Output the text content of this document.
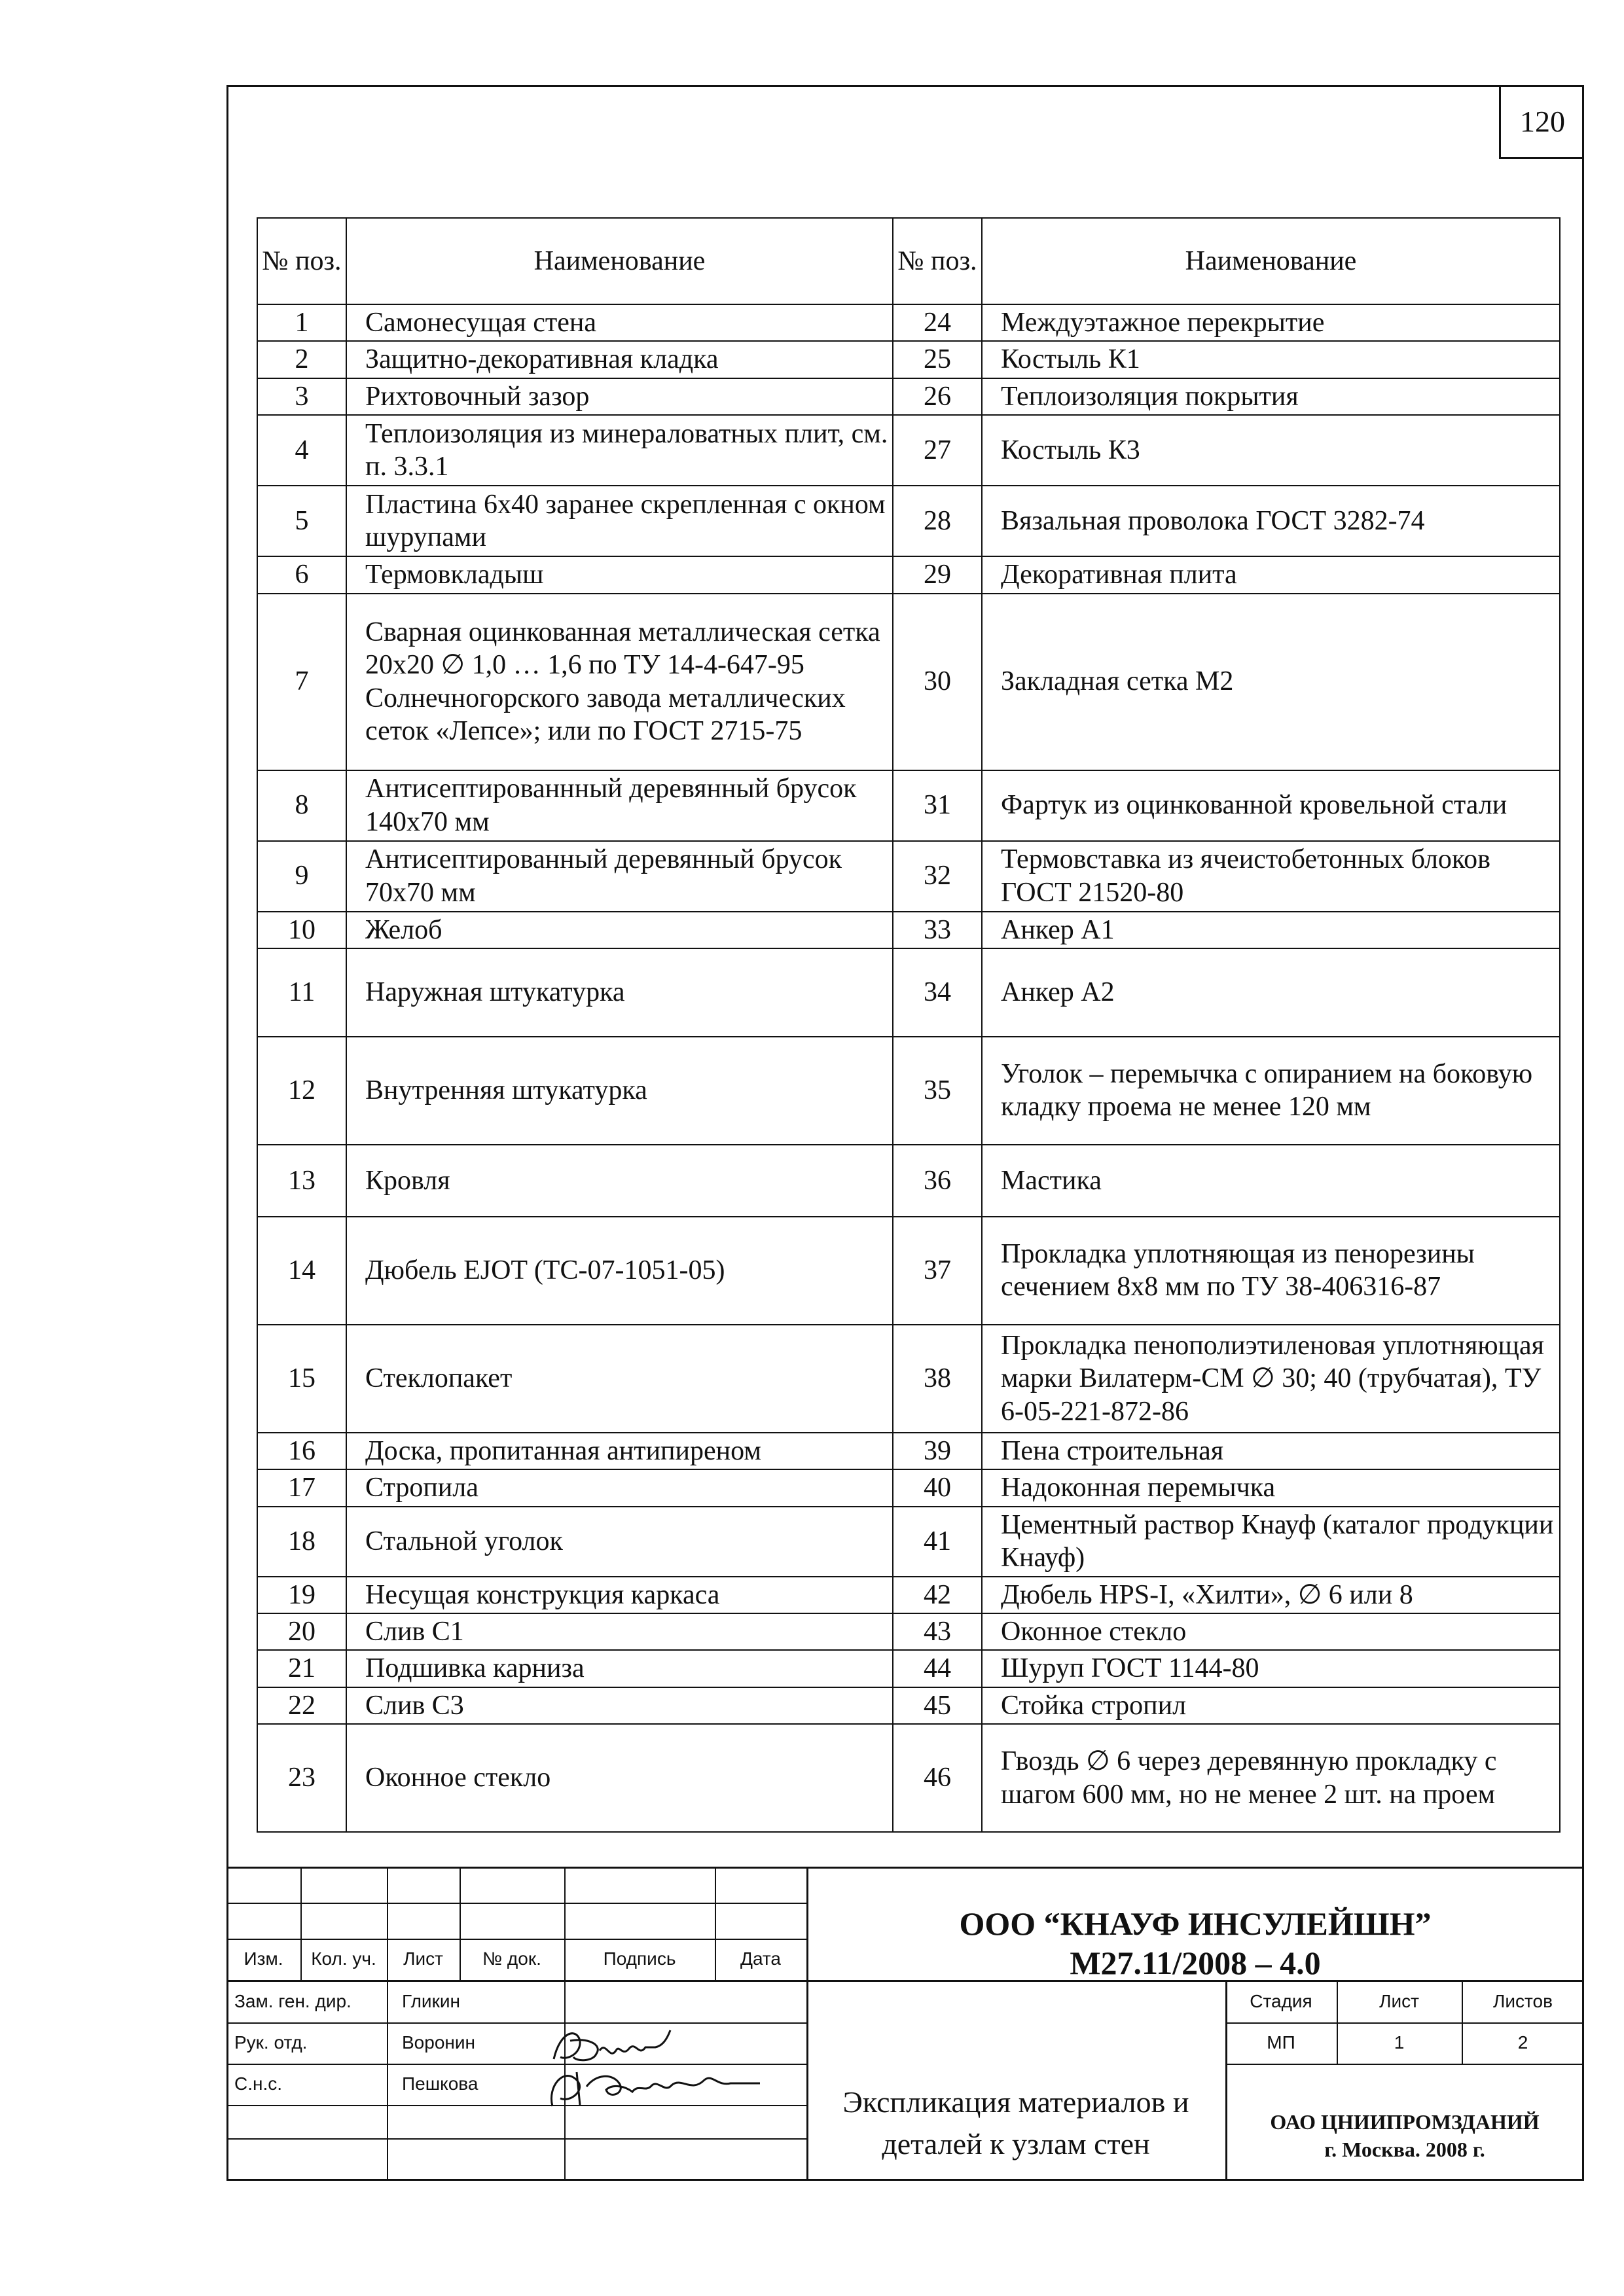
120
№ поз.	Наименование	№ поз.	Наименование
1	Самонесущая стена	24	Междуэтажное перекрытие
2	Защитно-декоративная кладка	25	Костыль К1
3	Рихтовочный зазор	26	Теплоизоляция покрытия
4	Теплоизоляция из минераловатных плит, см. п. 3.3.1	27	Костыль К3
5	Пластина 6х40 заранее скрепленная с окном шурупами	28	Вязальная проволока ГОСТ 3282-74
6	Термовкладыш	29	Декоративная плита
7	Сварная оцинкованная металлическая сетка 20х20 ∅ 1,0 … 1,6 по ТУ 14-4-647-95 Солнечногорского завода металлических сеток «Лепсе»; или по ГОСТ 2715-75	30	Закладная сетка М2
8	Антисептированнный деревянный брусок 140х70 мм	31	Фартук из оцинкованной кровельной стали
9	Антисептированный деревянный брусок 70х70 мм	32	Термовставка из ячеистобетонных блоков ГОСТ 21520-80
10	Желоб	33	Анкер А1
11	Наружная штукатурка	34	Анкер А2
12	Внутренняя штукатурка	35	Уголок – перемычка с опиранием на боковую кладку проема не менее 120 мм
13	Кровля	36	Мастика
14	Дюбель EJOT (TC-07-1051-05)	37	Прокладка уплотняющая из пенорезины сечением 8х8 мм по ТУ 38-406316-87
15	Стеклопакет	38	Прокладка пенополиэтиленовая уплотняющая марки Вилатерм-СМ ∅ 30; 40 (трубчатая), ТУ 6-05-221-872-86
16	Доска, пропитанная антипиреном	39	Пена строительная
17	Стропила	40	Надоконная перемычка
18	Стальной уголок	41	Цементный раствор Кнауф (каталог продукции Кнауф)
19	Несущая конструкция каркаса	42	Дюбель HPS-I, «Хилти», ∅ 6 или 8
20	Слив С1	43	Оконное стекло
21	Подшивка карниза	44	Шуруп ГОСТ 1144-80
22	Слив С3	45	Стойка стропил
23	Оконное стекло	46	Гвоздь ∅ 6 через деревянную прокладку с шагом 600 мм, но не менее 2 шт. на проем
Изм.	Кол. уч.	Лист	№ док.	Подпись	Дата
Зам. ген. дир.	Гликин
Рук. отд.	Воронин
С.н.с.	Пешкова
ООО “КНАУФ ИНСУЛЕЙШН”
М27.11/2008 – 4.0
Экспликация материалов и
деталей к узлам стен
Стадия	Лист	Листов
МП	1	2
ОАО ЦНИИПРОМЗДАНИЙ
г. Москва. 2008 г.
